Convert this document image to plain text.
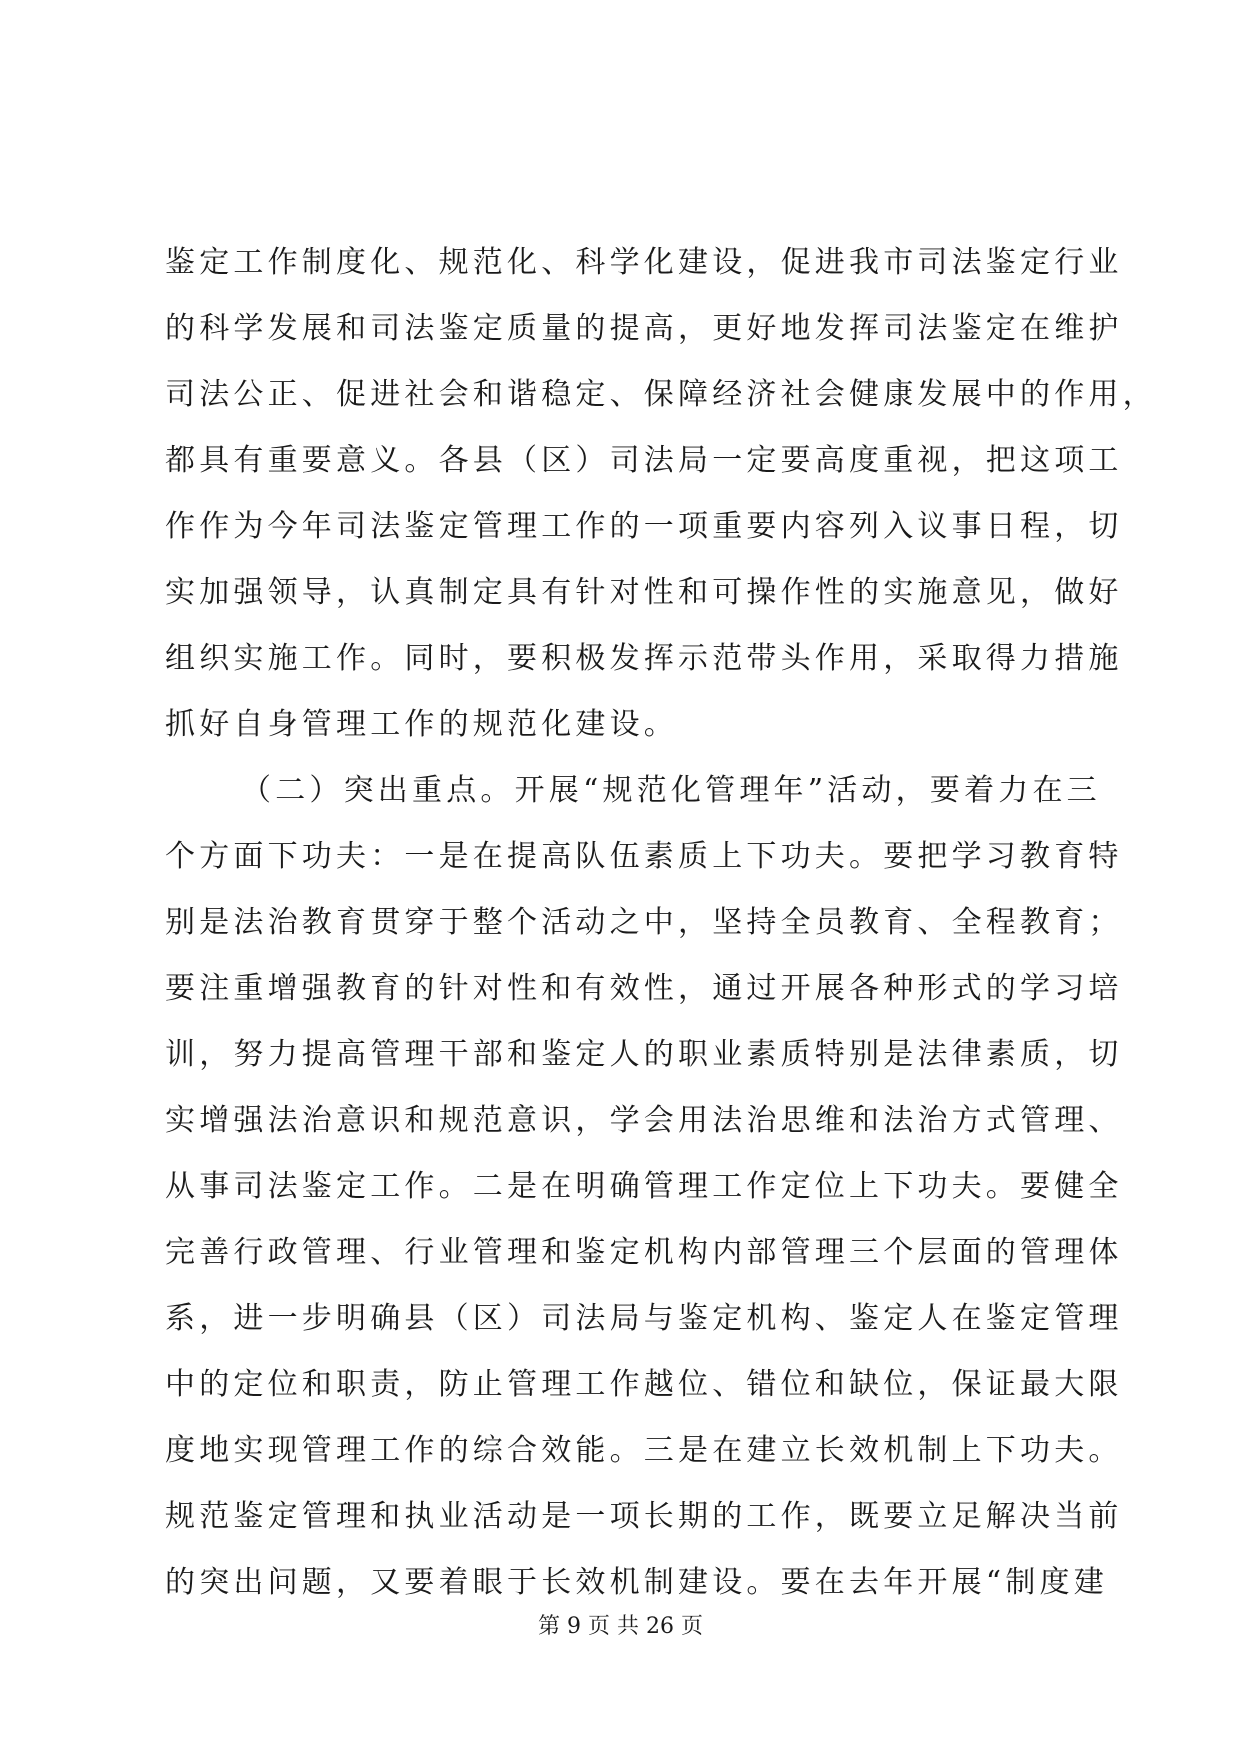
鉴定工作制度化、规范化、科学化建设，促进我市司法鉴定行业
的科学发展和司法鉴定质量的提高，更好地发挥司法鉴定在维护
司法公正、促进社会和谐稳定、保障经济社会健康发展中的作用，
都具有重要意义。各县（区）司法局一定要高度重视，把这项工
作作为今年司法鉴定管理工作的一项重要内容列入议事日程，切
实加强领导，认真制定具有针对性和可操作性的实施意见，做好
组织实施工作。同时，要积极发挥示范带头作用，采取得力措施
抓好自身管理工作的规范化建设。
（二）突出重点。开展“规范化管理年”活动，要着力在三
个方面下功夫：一是在提高队伍素质上下功夫。要把学习教育特
别是法治教育贯穿于整个活动之中，坚持全员教育、全程教育；
要注重增强教育的针对性和有效性，通过开展各种形式的学习培
训，努力提高管理干部和鉴定人的职业素质特别是法律素质，切
实增强法治意识和规范意识，学会用法治思维和法治方式管理、
从事司法鉴定工作。二是在明确管理工作定位上下功夫。要健全
完善行政管理、行业管理和鉴定机构内部管理三个层面的管理体
系，进一步明确县（区）司法局与鉴定机构、鉴定人在鉴定管理
中的定位和职责，防止管理工作越位、错位和缺位，保证最大限
度地实现管理工作的综合效能。三是在建立长效机制上下功夫。
规范鉴定管理和执业活动是一项长期的工作，既要立足解决当前
的突出问题，又要着眼于长效机制建设。要在去年开展“制度建
第 9 页 共 26 页
